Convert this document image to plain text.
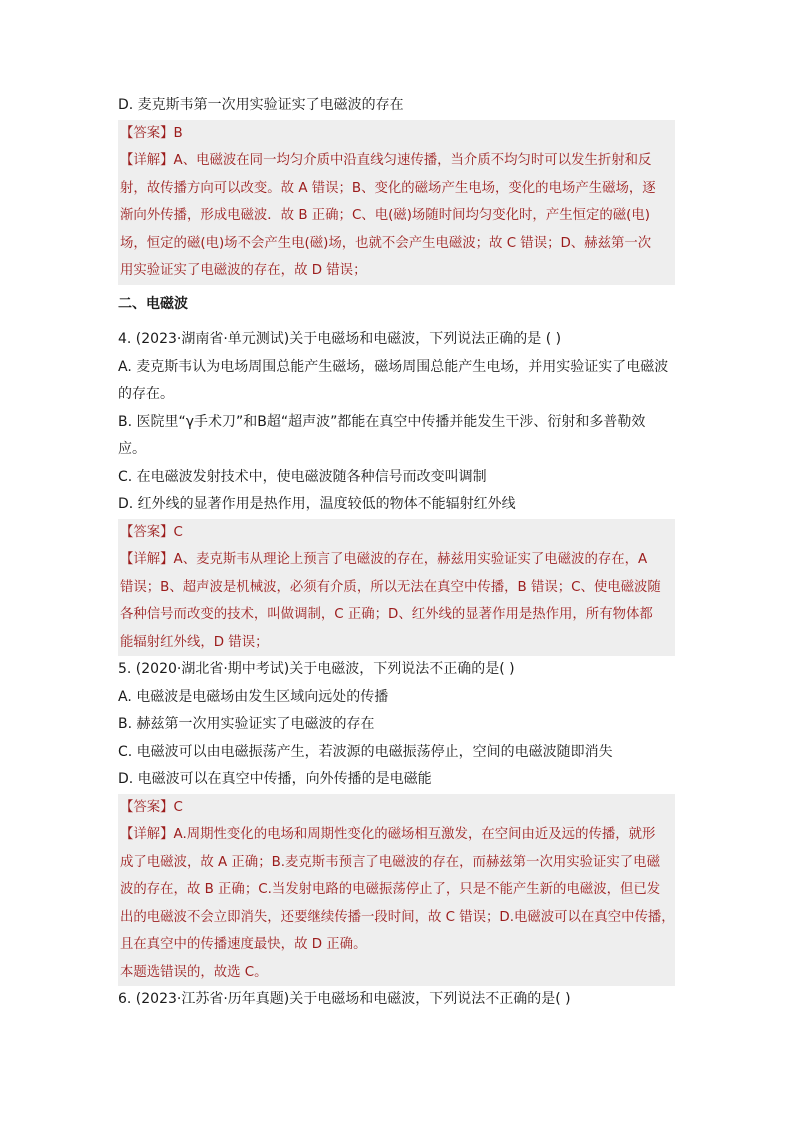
D. 麦克斯韦第一次用实验证实了电磁波的存在
【答案】B
【详解】A、电磁波在同一均匀介质中沿直线匀速传播，当介质不均匀时可以发生折射和反
射，故传播方向可以改变。故 A 错误；B、变化的磁场产生电场，变化的电场产生磁场，逐
渐向外传播，形成电磁波．故 B 正确；C、电(磁)场随时间均匀变化时，产生恒定的磁(电)
场，恒定的磁(电)场不会产生电(磁)场，也就不会产生电磁波；故 C 错误；D、赫兹第一次
用实验证实了电磁波的存在，故 D 错误；
二、电磁波
4. (2023·湖南省·单元测试)关于电磁场和电磁波，下列说法正确的是 ( )
A. 麦克斯韦认为电场周围总能产生磁场，磁场周围总能产生电场，并用实验证实了电磁波
的存在。
B. 医院里“γ手术刀”和B超“超声波”都能在真空中传播并能发生干涉、衍射和多普勒效
应。
C. 在电磁波发射技术中，使电磁波随各种信号而改变叫调制
D. 红外线的显著作用是热作用，温度较低的物体不能辐射红外线
【答案】C
【详解】A、麦克斯韦从理论上预言了电磁波的存在，赫兹用实验证实了电磁波的存在，A
错误；B、超声波是机械波，必须有介质，所以无法在真空中传播，B 错误；C、使电磁波随
各种信号而改变的技术，叫做调制，C 正确；D、红外线的显著作用是热作用，所有物体都
能辐射红外线，D 错误；
5. (2020·湖北省·期中考试)关于电磁波，下列说法不正确的是( )
A. 电磁波是电磁场由发生区域向远处的传播
B. 赫兹第一次用实验证实了电磁波的存在
C. 电磁波可以由电磁振荡产生，若波源的电磁振荡停止，空间的电磁波随即消失
D. 电磁波可以在真空中传播，向外传播的是电磁能
【答案】C
【详解】A.周期性变化的电场和周期性变化的磁场相互激发，在空间由近及远的传播，就形
成了电磁波，故 A 正确；B.麦克斯韦预言了电磁波的存在，而赫兹第一次用实验证实了电磁
波的存在，故 B 正确；C.当发射电路的电磁振荡停止了，只是不能产生新的电磁波，但已发
出的电磁波不会立即消失，还要继续传播一段时间，故 C 错误；D.电磁波可以在真空中传播，
且在真空中的传播速度最快，故 D 正确。
本题选错误的，故选 C。
6. (2023·江苏省·历年真题)关于电磁场和电磁波，下列说法不正确的是( )
